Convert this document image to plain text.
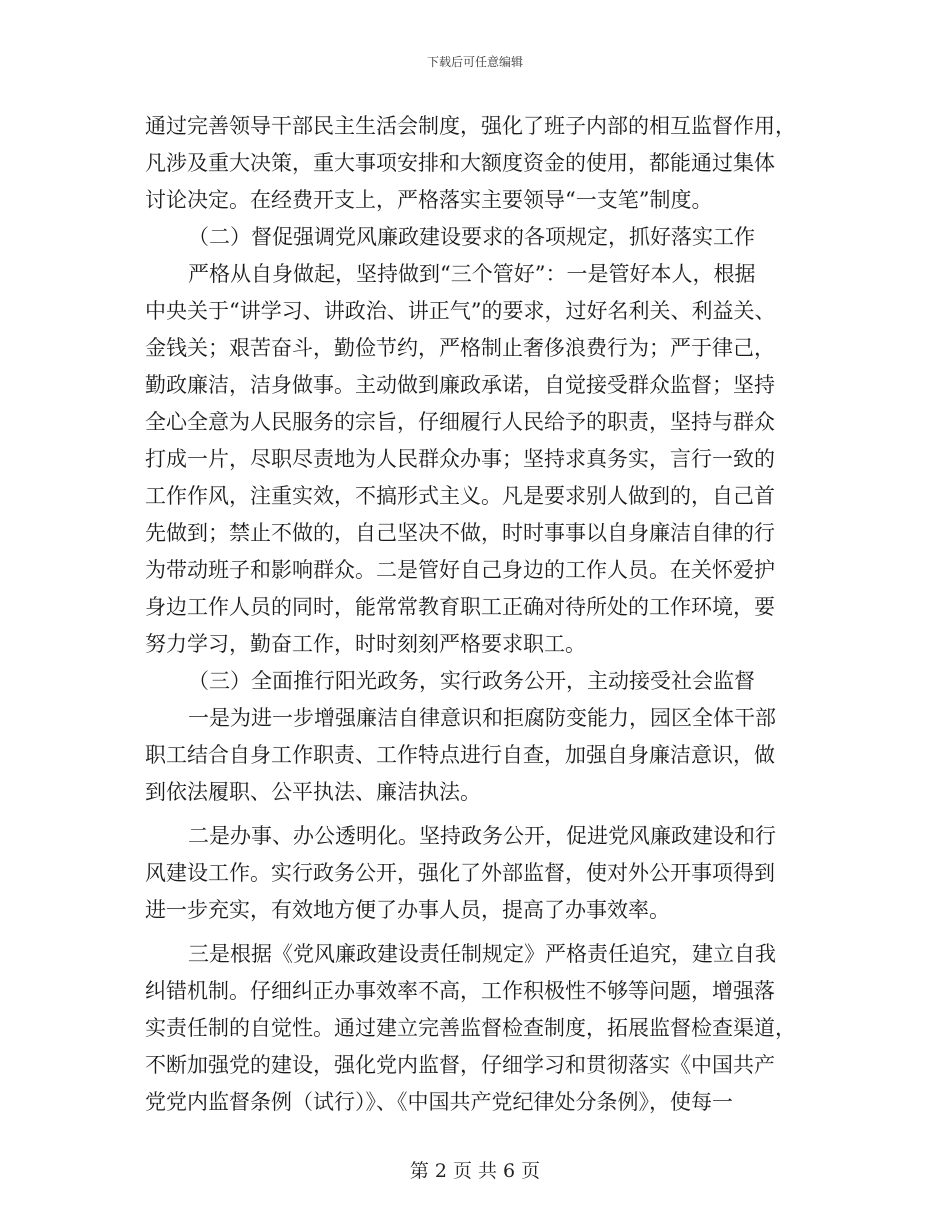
下载后可任意编辑
通过完善领导干部民主生活会制度，强化了班子内部的相互监督作用，
凡涉及重大决策，重大事项安排和大额度资金的使用，都能通过集体
讨论决定。在经费开支上，严格落实主要领导“一支笔”制度。
（二）督促强调党风廉政建设要求的各项规定，抓好落实工作
严格从自身做起，坚持做到“三个管好”：一是管好本人，根据
中央关于“讲学习、讲政治、讲正气”的要求，过好名利关、利益关、
金钱关；艰苦奋斗，勤俭节约，严格制止奢侈浪费行为；严于律己，
勤政廉洁，洁身做事。主动做到廉政承诺，自觉接受群众监督；坚持
全心全意为人民服务的宗旨，仔细履行人民给予的职责，坚持与群众
打成一片，尽职尽责地为人民群众办事；坚持求真务实，言行一致的
工作作风，注重实效，不搞形式主义。凡是要求别人做到的，自己首
先做到；禁止不做的，自己坚决不做，时时事事以自身廉洁自律的行
为带动班子和影响群众。二是管好自己身边的工作人员。在关怀爱护
身边工作人员的同时，能常常教育职工正确对待所处的工作环境，要
努力学习，勤奋工作，时时刻刻严格要求职工。
（三）全面推行阳光政务，实行政务公开，主动接受社会监督
一是为进一步增强廉洁自律意识和拒腐防变能力，园区全体干部
职工结合自身工作职责、工作特点进行自查，加强自身廉洁意识，做
到依法履职、公平执法、廉洁执法。
二是办事、办公透明化。坚持政务公开，促进党风廉政建设和行
风建设工作。实行政务公开，强化了外部监督，使对外公开事项得到
进一步充实，有效地方便了办事人员，提高了办事效率。
三是根据《党风廉政建设责任制规定》严格责任追究，建立自我
纠错机制。仔细纠正办事效率不高，工作积极性不够等问题，增强落
实责任制的自觉性。通过建立完善监督检查制度，拓展监督检查渠道，
不断加强党的建设，强化党内监督，仔细学习和贯彻落实《中国共产
党党内监督条例（试行）》、《中国共产党纪律处分条例》，使每一
第 2 页 共 6 页
